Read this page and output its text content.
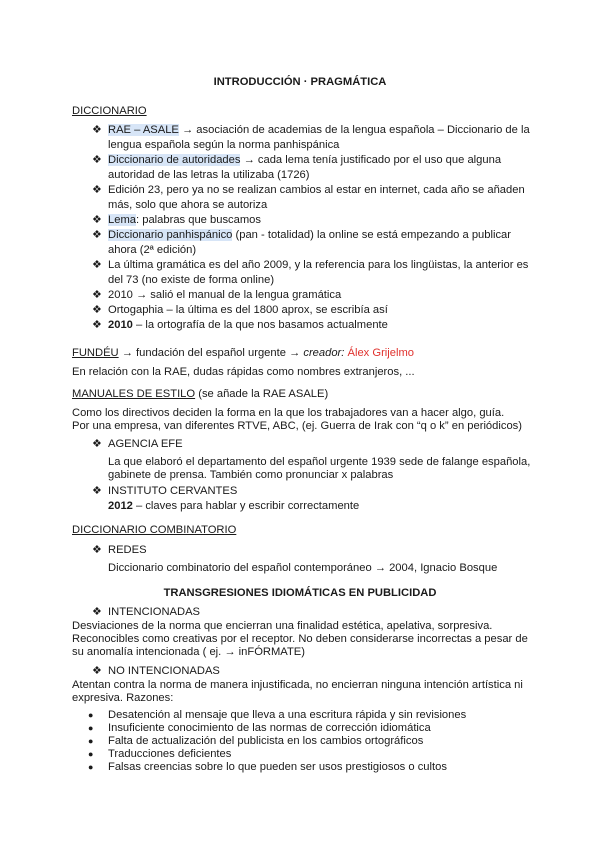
INTRODUCCIÓN · PRAGMÁTICA
DICCIONARIO
❖ RAE – ASALE → asociación de academias de la lengua española – Diccionario de la lengua española según la norma panhispánica
❖ Diccionario de autoridades → cada lema tenía justificado por el uso que alguna autoridad de las letras la utilizaba (1726)
❖ Edición 23, pero ya no se realizan cambios al estar en internet, cada año se añaden más, solo que ahora se autoriza
❖ Lema: palabras que buscamos
❖ Diccionario panhispánico (pan - totalidad) la online se está empezando a publicar ahora (2ª edición)
❖ La última gramática es del año 2009, y la referencia para los lingüistas, la anterior es del 73 (no existe de forma online)
❖ 2010 → salió el manual de la lengua gramática
❖ Ortogaphia – la última es del 1800 aprox, se escribía así
❖ 2010 – la ortografía de la que nos basamos actualmente
FUNDÉU → fundación del español urgente → creador: Álex Grijelmo
En relación con la RAE, dudas rápidas como nombres extranjeros, ...
MANUALES DE ESTILO (se añade la RAE ASALE)
Como los directivos deciden la forma en la que los trabajadores van a hacer algo, guía.
Por una empresa, van diferentes RTVE, ABC, (ej. Guerra de Irak con “q o k” en periódicos)
❖ AGENCIA EFE
La que elaboró el departamento del español urgente 1939 sede de falange española,
gabinete de prensa. También como pronunciar x palabras
❖ INSTITUTO CERVANTES
2012 – claves para hablar y escribir correctamente
DICCIONARIO COMBINATORIO
❖ REDES
Diccionario combinatorio del español contemporáneo → 2004, Ignacio Bosque
TRANSGRESIONES IDIOMÁTICAS EN PUBLICIDAD
❖ INTENCIONADAS
Desviaciones de la norma que encierran una finalidad estética, apelativa, sorpresiva.
Reconocibles como creativas por el receptor. No deben considerarse incorrectas a pesar de
su anomalía intencionada ( ej. → inFÓRMATE)
❖ NO INTENCIONADAS
Atentan contra la norma de manera injustificada, no encierran ninguna intención artística ni
expresiva. Razones:
● Desatención al mensaje que lleva a una escritura rápida y sin revisiones
● Insuficiente conocimiento de las normas de corrección idiomática
● Falta de actualización del publicista en los cambios ortográficos
● Traducciones deficientes
● Falsas creencias sobre lo que pueden ser usos prestigiosos o cultos
